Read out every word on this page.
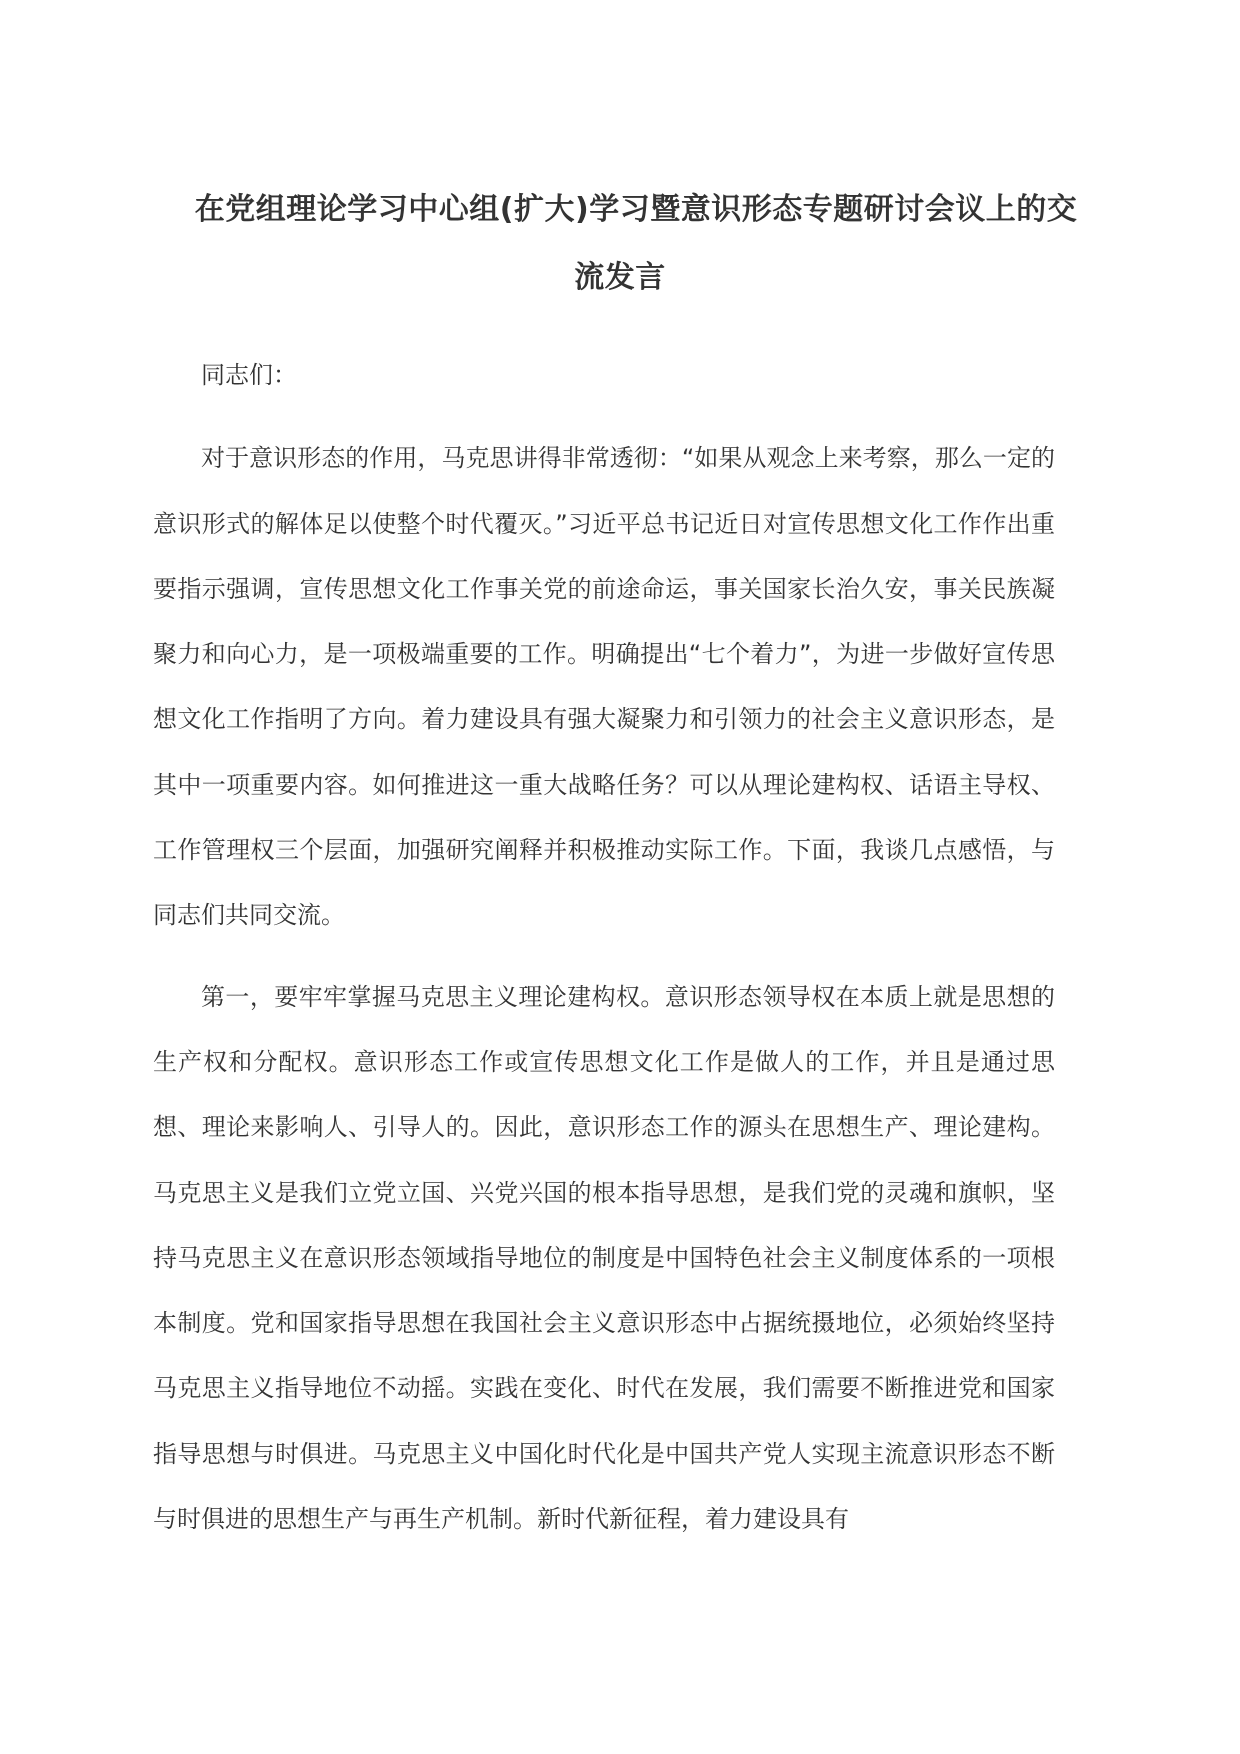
在党组理论学习中心组(扩大)学习暨意识形态专题研讨会议上的交流发言

同志们：

对于意识形态的作用，马克思讲得非常透彻：“如果从观念上来考察，那么一定的意识形式的解体足以使整个时代覆灭。”习近平总书记近日对宣传思想文化工作作出重要指示强调，宣传思想文化工作事关党的前途命运，事关国家长治久安，事关民族凝聚力和向心力，是一项极端重要的工作。明确提出“七个着力”，为进一步做好宣传思想文化工作指明了方向。着力建设具有强大凝聚力和引领力的社会主义意识形态，是其中一项重要内容。如何推进这一重大战略任务？可以从理论建构权、话语主导权、工作管理权三个层面，加强研究阐释并积极推动实际工作。下面，我谈几点感悟，与同志们共同交流。

第一，要牢牢掌握马克思主义理论建构权。意识形态领导权在本质上就是思想的生产权和分配权。意识形态工作或宣传思想文化工作是做人的工作，并且是通过思想、理论来影响人、引导人的。因此，意识形态工作的源头在思想生产、理论建构。马克思主义是我们立党立国、兴党兴国的根本指导思想，是我们党的灵魂和旗帜，坚持马克思主义在意识形态领域指导地位的制度是中国特色社会主义制度体系的一项根本制度。党和国家指导思想在我国社会主义意识形态中占据统摄地位，必须始终坚持马克思主义指导地位不动摇。实践在变化、时代在发展，我们需要不断推进党和国家指导思想与时俱进。马克思主义中国化时代化是中国共产党人实现主流意识形态不断与时俱进的思想生产与再生产机制。新时代新征程，着力建设具有
